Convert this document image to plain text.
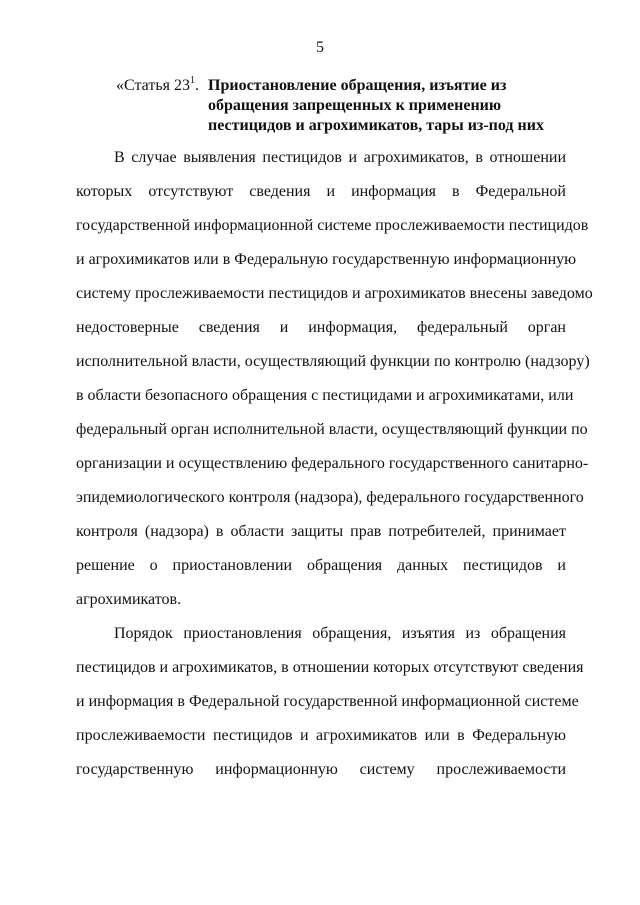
5
«Статья $23^1$. Приостановление обращения, изъятие из
обращения запрещенных к применению
пестицидов и агрохимикатов, тары из-под них
В случае выявления пестицидов и агрохимикатов, в отношении
которых отсутствуют сведения и информация в Федеральной
государственной информационной системе прослеживаемости пестицидов
и агрохимикатов или в Федеральную государственную информационную
систему прослеживаемости пестицидов и агрохимикатов внесены заведомо
недостоверные сведения и информация, федеральный орган
исполнительной власти, осуществляющий функции по контролю (надзору)
в области безопасного обращения с пестицидами и агрохимикатами, или
федеральный орган исполнительной власти, осуществляющий функции по
организации и осуществлению федерального государственного санитарно-
эпидемиологического контроля (надзора), федерального государственного
контроля (надзора) в области защиты прав потребителей, принимает
решение о приостановлении обращения данных пестицидов и
агрохимикатов.
Порядок приостановления обращения, изъятия из обращения
пестицидов и агрохимикатов, в отношении которых отсутствуют сведения
и информация в Федеральной государственной информационной системе
прослеживаемости пестицидов и агрохимикатов или в Федеральную
государственную информационную систему прослеживаемости
